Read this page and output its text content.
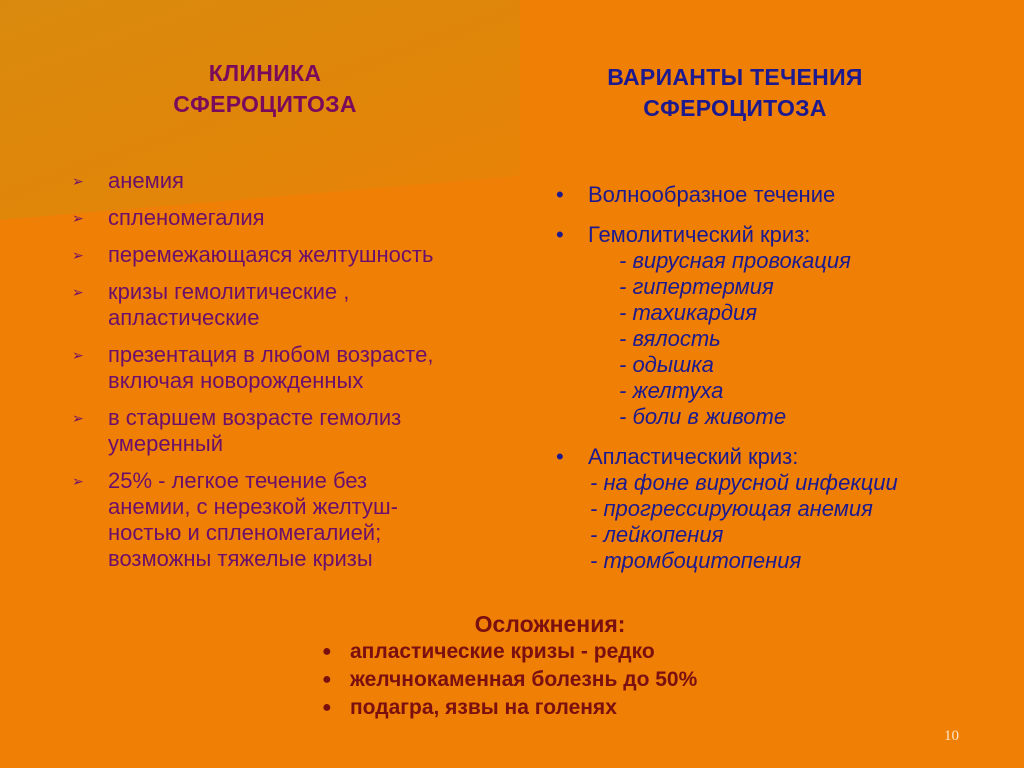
КЛИНИКА
СФЕРОЦИТОЗА
ВАРИАНТЫ ТЕЧЕНИЯ
СФЕРОЦИТОЗА
➢ анемия
➢ спленомегалия
➢ перемежающаяся желтушность
➢ кризы гемолитические ,
апластические
➢ презентация в любом возрасте,
включая новорожденных
➢ в старшем возрасте гемолиз
умеренный
➢ 25% - легкое течение без
анемии, с нерезкой желтуш-
ностью и спленомегалией;
возможны тяжелые кризы
• Волнообразное течение
• Гемолитический криз:
- вирусная провокация
- гипертермия
- тахикардия
- вялость
- одышка
- желтуха
- боли в животе
• Апластический криз:
- на фоне вирусной инфекции
- прогрессирующая анемия
- лейкопения
- тромбоцитопения
Осложнения:
● апластические кризы - редко
● желчнокаменная болезнь до 50%
● подагра, язвы на голенях
10
